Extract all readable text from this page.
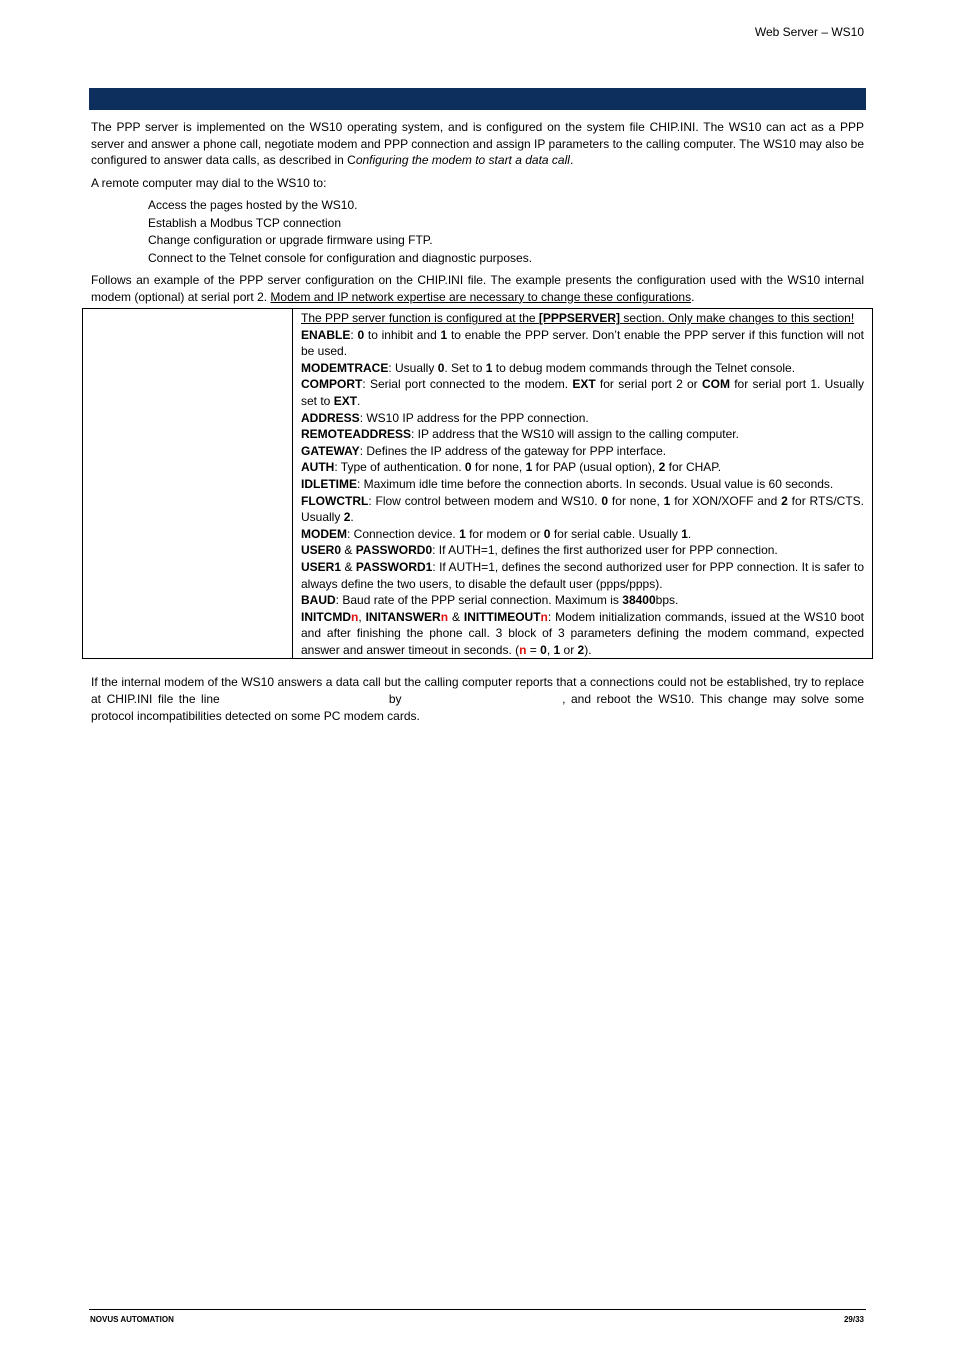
Web Server – WS10

The PPP server is implemented on the WS10 operating system, and is configured on the system file CHIP.INI. The WS10 can act as a PPP server and answer a phone call, negotiate modem and PPP connection and assign IP parameters to the calling computer. The WS10 may also be configured to answer data calls, as described in Configuring the modem to start a data call.

A remote computer may dial to the WS10 to:

Access the pages hosted by the WS10.
Establish a Modbus TCP connection
Change configuration or upgrade firmware using FTP.
Connect to the Telnet console for configuration and diagnostic purposes.

Follows an example of the PPP server configuration on the CHIP.INI file. The example presents the configuration used with the WS10 internal modem (optional) at serial port 2. Modem and IP network expertise are necessary to change these configurations.

The PPP server function is configured at the [PPPSERVER] section. Only make changes to this section!
ENABLE: 0 to inhibit and 1 to enable the PPP server. Don’t enable the PPP server if this function will not be used.
MODEMTRACE: Usually 0. Set to 1 to debug modem commands through the Telnet console.
COMPORT: Serial port connected to the modem. EXT for serial port 2 or COM for serial port 1. Usually set to EXT.
ADDRESS: WS10 IP address for the PPP connection.
REMOTEADDRESS: IP address that the WS10 will assign to the calling computer.
GATEWAY: Defines the IP address of the gateway for PPP interface.
AUTH: Type of authentication. 0 for none, 1 for PAP (usual option), 2 for CHAP.
IDLETIME: Maximum idle time before the connection aborts. In seconds. Usual value is 60 seconds.
FLOWCTRL: Flow control between modem and WS10. 0 for none, 1 for XON/XOFF and 2 for RTS/CTS. Usually 2.
MODEM: Connection device. 1 for modem or 0 for serial cable. Usually 1.
USER0 & PASSWORD0: If AUTH=1, defines the first authorized user for PPP connection.
USER1 & PASSWORD1: If AUTH=1, defines the second authorized user for PPP connection. It is safer to always define the two users, to disable the default user (ppps/ppps).
BAUD: Baud rate of the PPP serial connection. Maximum is 38400bps.
INITCMDn, INITANSWERn & INITTIMEOUTn: Modem initialization commands, issued at the WS10 boot and after finishing the phone call. 3 block of 3 parameters defining the modem command, expected answer and answer timeout in seconds. (n = 0, 1 or 2).

If the internal modem of the WS10 answers a data call but the calling computer reports that a connections could not be established, try to replace at CHIP.INI file the line	by	, and reboot the WS10. This change may solve some protocol incompatibilities detected on some PC modem cards.

NOVUS AUTOMATION	29/33
